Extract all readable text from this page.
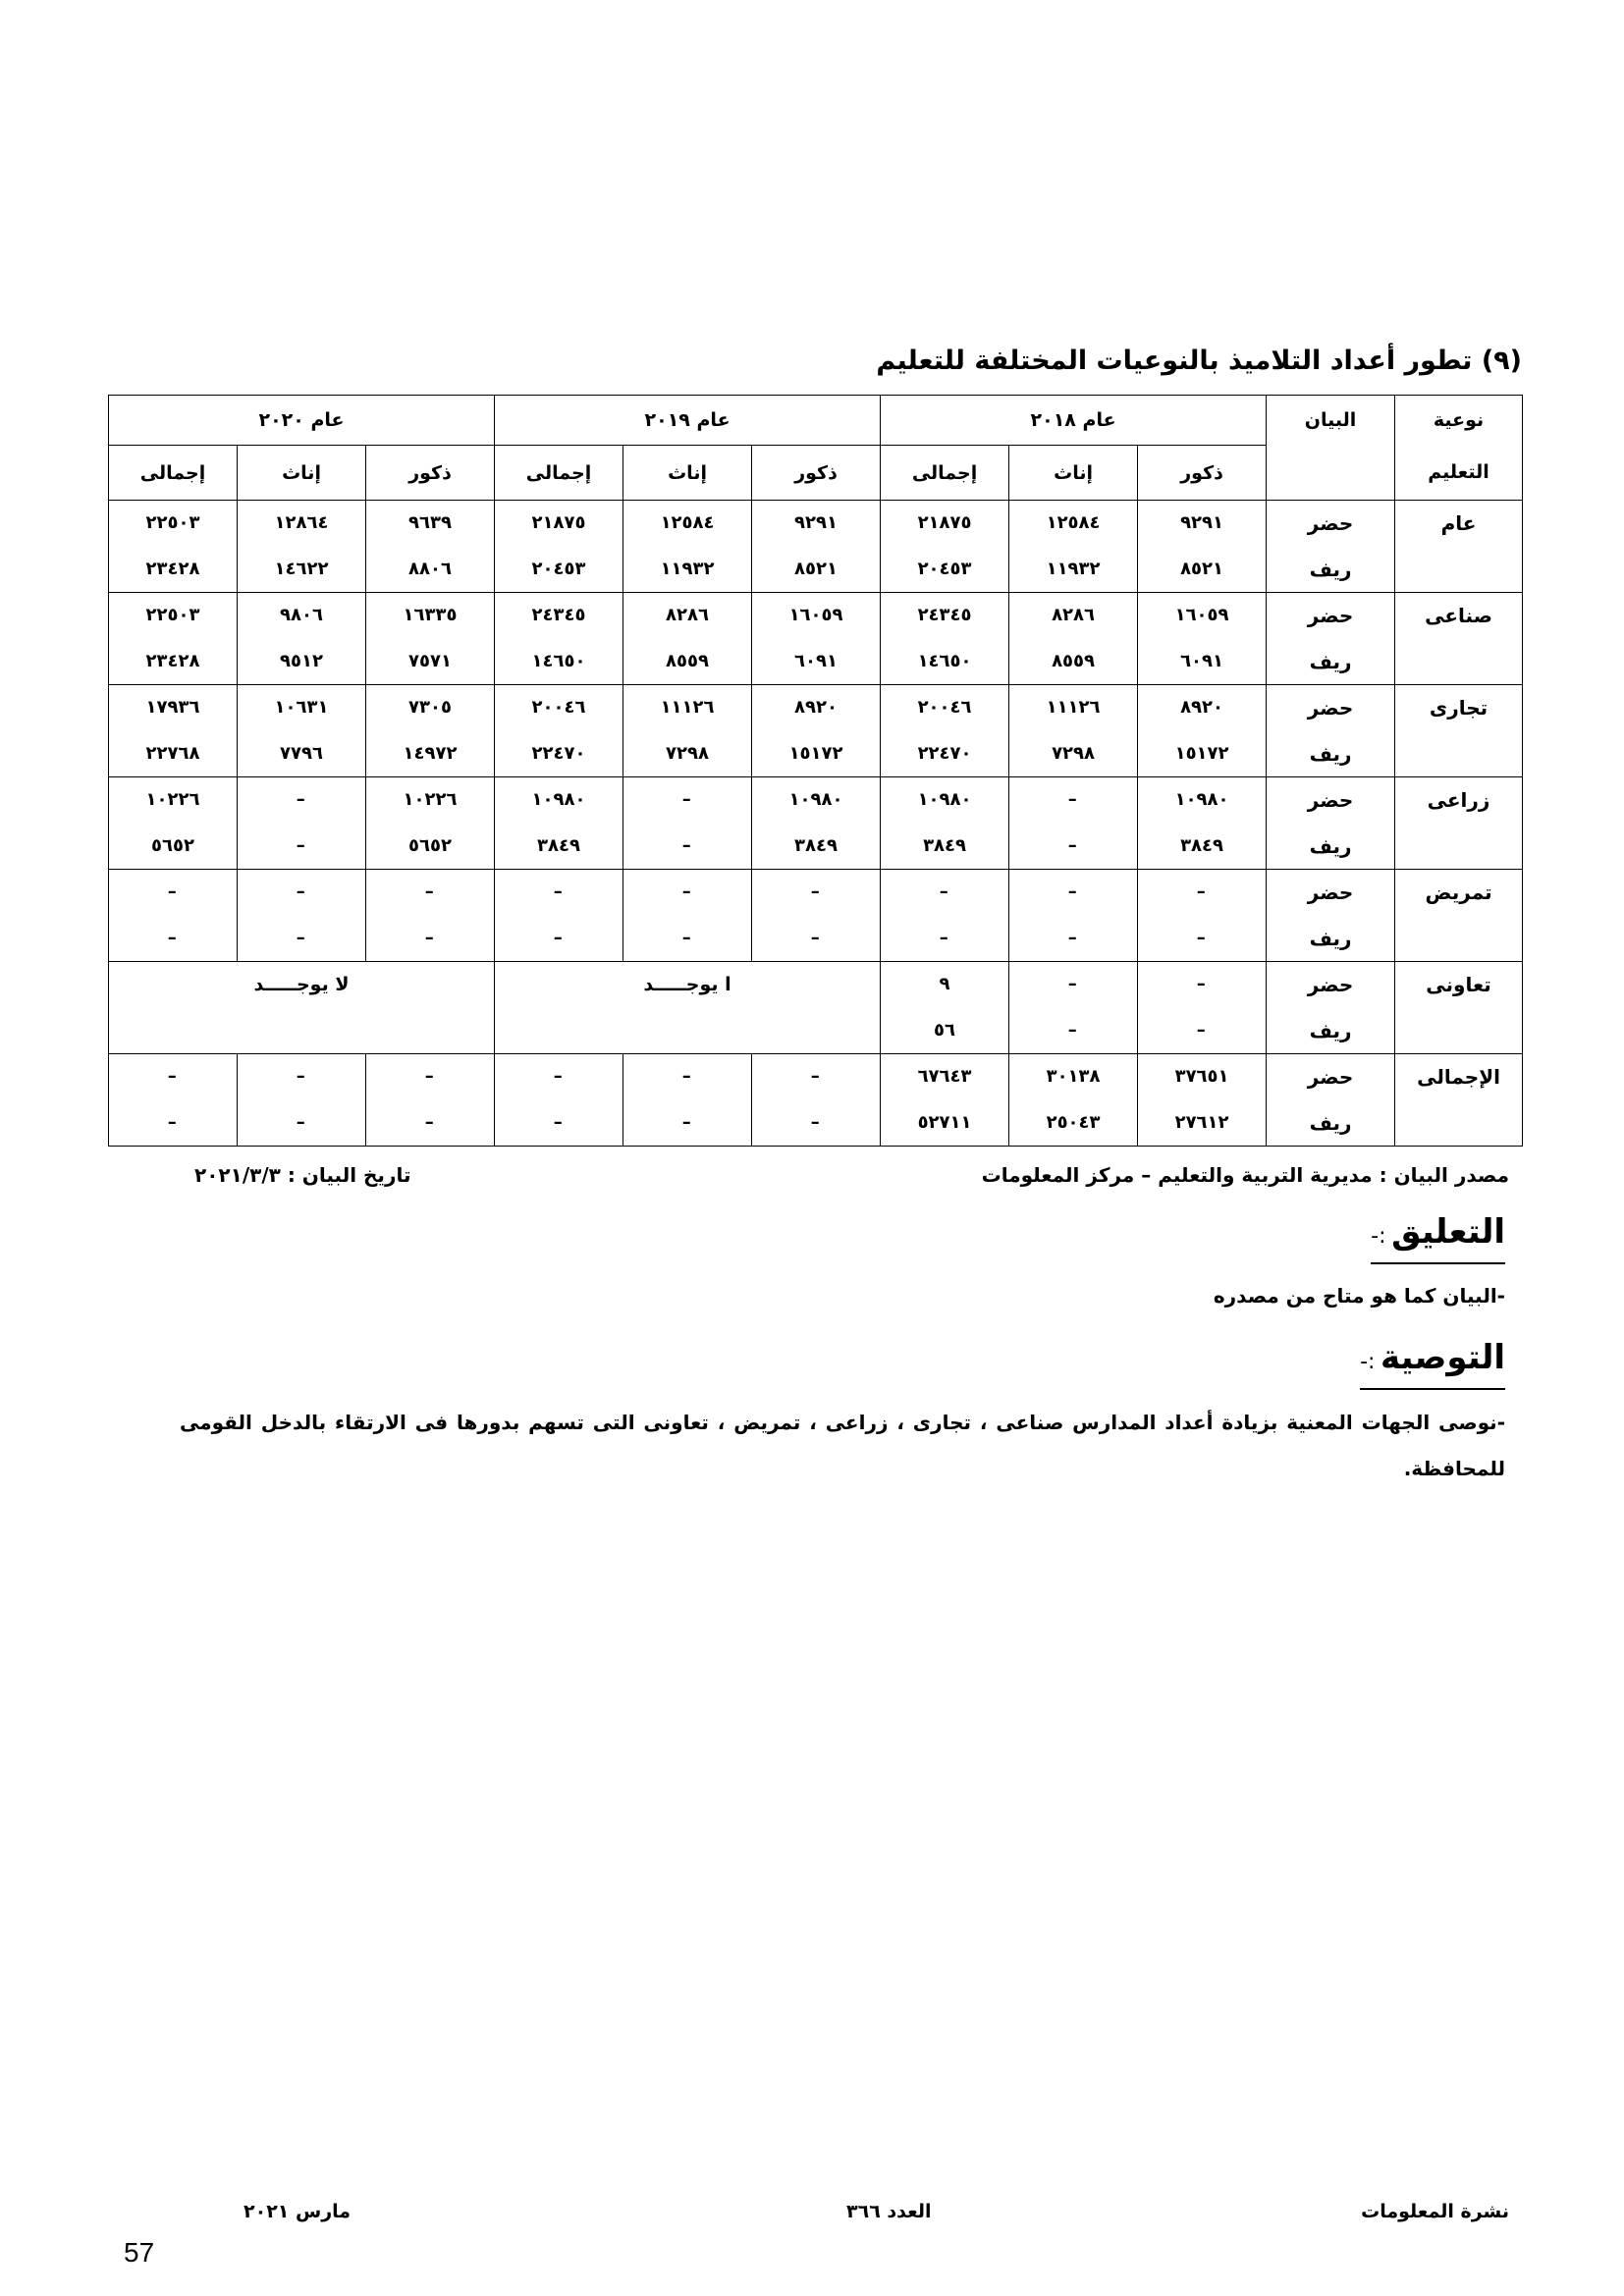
(٩) تطور أعداد التلاميذ بالنوعيات المختلفة للتعليم
نوعية
التعليم	البيان	عام ٢٠١٨			عام ٢٠١٩			عام ٢٠٢٠		
		ذكور	إناث	إجمالى	ذكور	إناث	إجمالى	ذكور	إناث	إجمالى
عام	حضر	٩٢٩١	١٢٥٨٤	٢١٨٧٥	٩٢٩١	١٢٥٨٤	٢١٨٧٥	٩٦٣٩	١٢٨٦٤	٢٢٥٠٣
	ريف	٨٥٢١	١١٩٣٢	٢٠٤٥٣	٨٥٢١	١١٩٣٢	٢٠٤٥٣	٨٨٠٦	١٤٦٢٢	٢٣٤٢٨
صناعى	حضر	١٦٠٥٩	٨٢٨٦	٢٤٣٤٥	١٦٠٥٩	٨٢٨٦	٢٤٣٤٥	١٦٣٣٥	٩٨٠٦	٢٢٥٠٣
	ريف	٦٠٩١	٨٥٥٩	١٤٦٥٠	٦٠٩١	٨٥٥٩	١٤٦٥٠	٧٥٧١	٩٥١٢	٢٣٤٢٨
تجارى	حضر	٨٩٢٠	١١١٢٦	٢٠٠٤٦	٨٩٢٠	١١١٢٦	٢٠٠٤٦	٧٣٠٥	١٠٦٣١	١٧٩٣٦
	ريف	١٥١٧٢	٧٢٩٨	٢٢٤٧٠	١٥١٧٢	٧٢٩٨	٢٢٤٧٠	١٤٩٧٢	٧٧٩٦	٢٢٧٦٨
زراعى	حضر	١٠٩٨٠	–	١٠٩٨٠	١٠٩٨٠	–	١٠٩٨٠	١٠٢٢٦	–	١٠٢٢٦
	ريف	٣٨٤٩	–	٣٨٤٩	٣٨٤٩	–	٣٨٤٩	٥٦٥٢	–	٥٦٥٢
تمريض	حضر	–	–	–	–	–	–	–	–	–
	ريف	–	–	–	–	–	–	–	–	–
تعاونى	حضر	–	–	٩	ا يوجـــــد			لا يوجـــــد		
	ريف	–	–	٥٦						
الإجمالى	حضر	٣٧٦٥١	٣٠١٣٨	٦٧٦٤٣	–	–	–	–	–	–
	ريف	٢٧٦١٢	٢٥٠٤٣	٥٢٧١١	–	–	–	–	–	–
مصدر البيان : مديرية التربية والتعليم – مركز المعلومات
تاريخ البيان : ٢٠٢١/٣/٣
التعليق :-
-البيان كما هو متاح من مصدره
التوصية :-

-نوصى الجهات المعنية بزيادة أعداد المدارس صناعى ، تجارى ، زراعى ، تمريض ، تعاونى التى تسهم بدورها فى الارتقاء بالدخل القومى للمحافظة.

نشرة المعلومات
العدد ٣٦٦
مارس ٢٠٢١
57
